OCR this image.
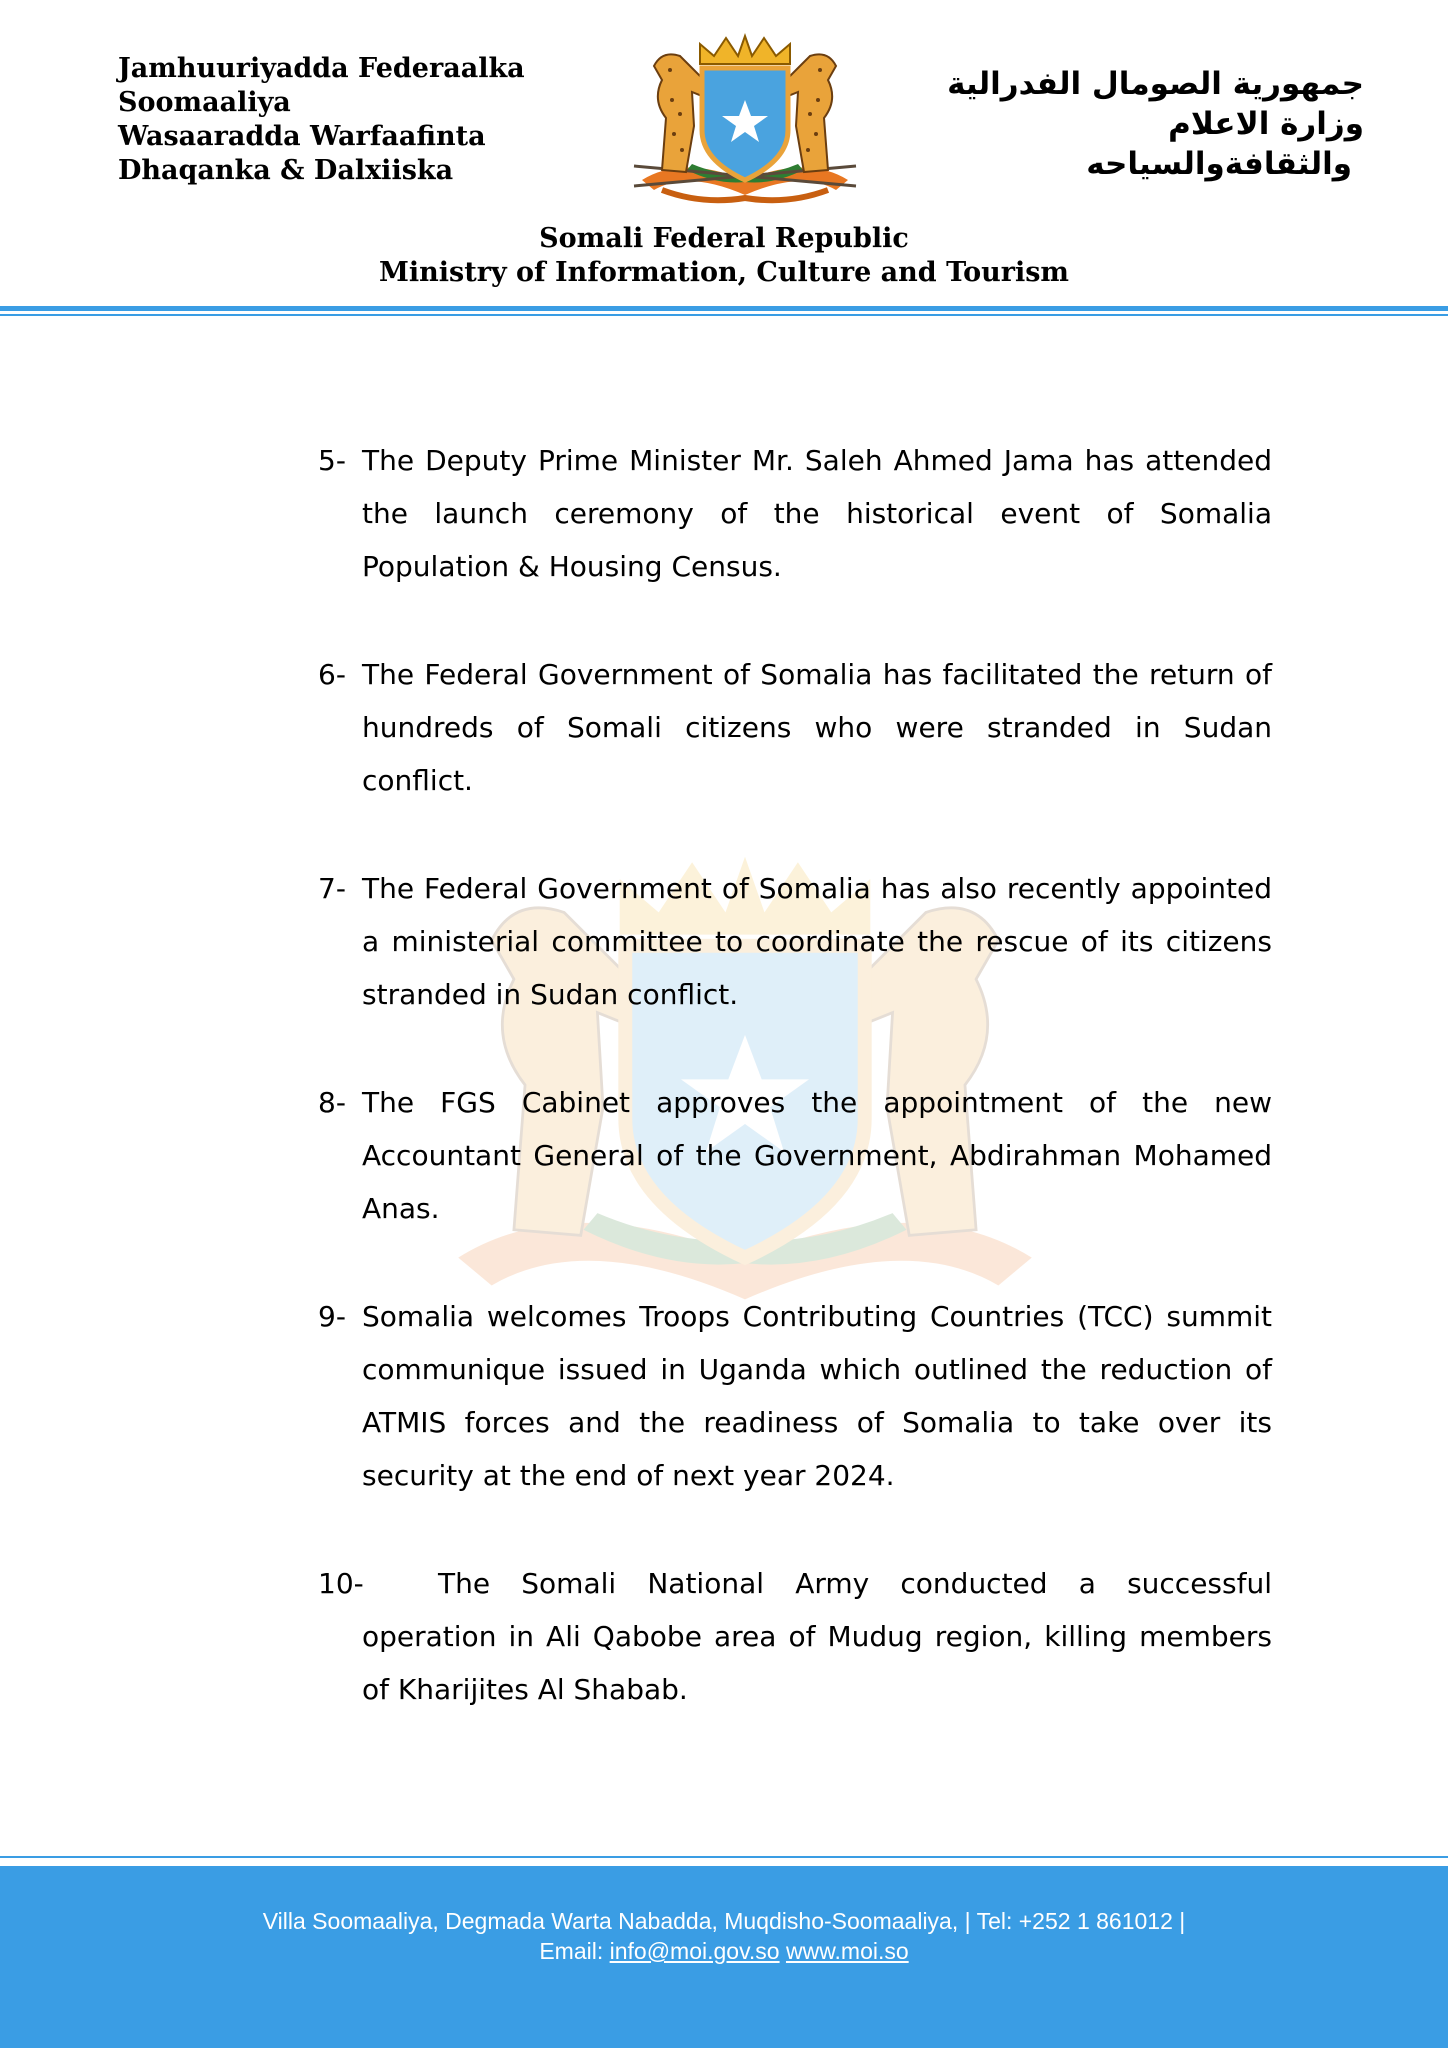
Jamhuuriyadda Federaalka
Soomaaliya
Wasaaradda Warfaafinta
Dhaqanka & Dalxiiska
جمهورية الصومال الفدرالية
وزارة الاعلام
والثقافةوالسياحه
Somali Federal Republic
Ministry of Information, Culture and Tourism
5- The Deputy Prime Minister Mr. Saleh Ahmed Jama has attended the launch ceremony of the historical event of Somalia Population & Housing Census.
6- The Federal Government of Somalia has facilitated the return of hundreds of Somali citizens who were stranded in Sudan conflict.
7- The Federal Government of Somalia has also recently appointed a ministerial committee to coordinate the rescue of its citizens stranded in Sudan conflict.
8- The FGS Cabinet approves the appointment of the new Accountant General of the Government, Abdirahman Mohamed Anas.
9- Somalia welcomes Troops Contributing Countries (TCC) summit communique issued in Uganda which outlined the reduction of ATMIS forces and the readiness of Somalia to take over its security at the end of next year 2024.
10-	The Somali National Army conducted a successful operation in Ali Qabobe area of Mudug region, killing members of Kharijites Al Shabab.
Villa Soomaaliya, Degmada Warta Nabadda, Muqdisho-Soomaaliya, | Tel: +252 1 861012 |
Email: info@moi.gov.so www.moi.so
